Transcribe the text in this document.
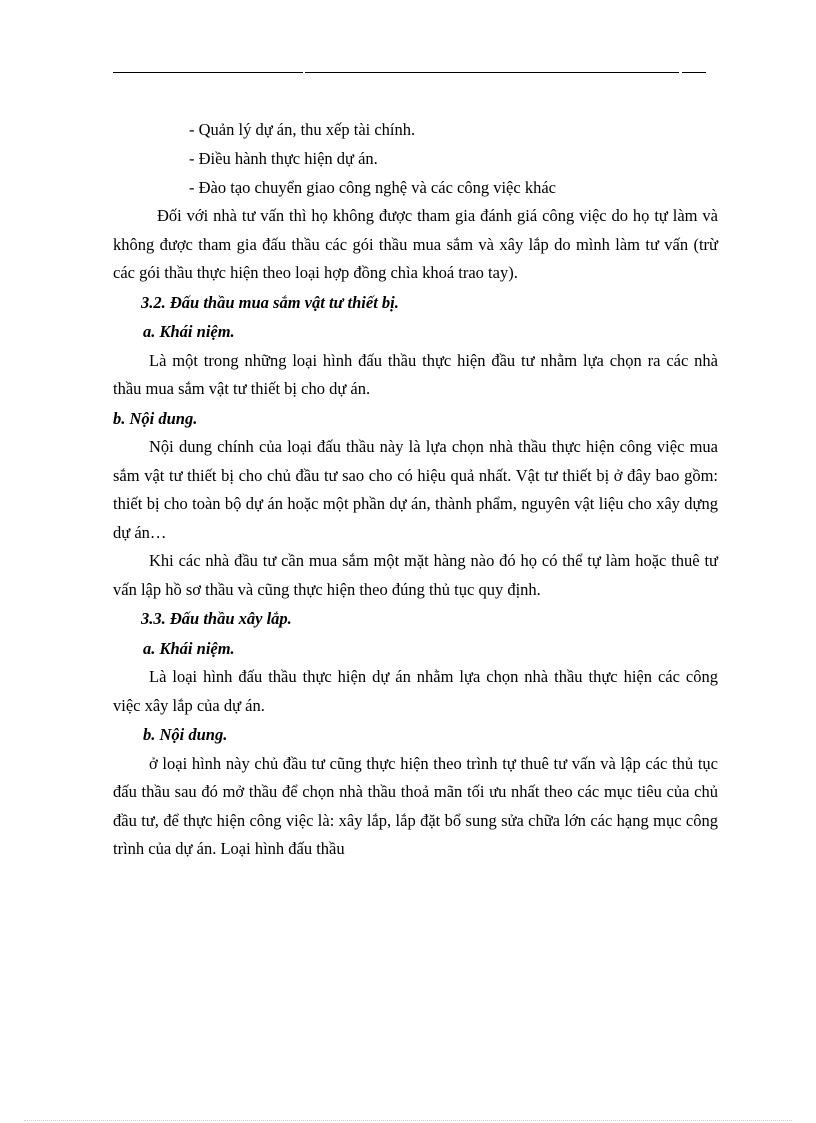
- Quản lý dự án, thu xếp tài chính.

- Điều hành thực hiện dự án.

- Đào tạo chuyển giao công nghệ và các công việc khác

Đối với nhà tư vấn thì họ không được tham gia đánh giá công việc do họ tự làm và không được tham gia đấu thầu các gói thầu mua sắm và xây lắp do mình làm tư vấn (trừ các gói thầu thực hiện theo loại hợp đồng chìa khoá trao tay).

3.2. Đấu thầu mua sắm vật tư thiết bị.

a. Khái niệm.

Là một trong những loại hình đấu thầu thực hiện đầu tư nhằm lựa chọn ra các nhà thầu mua sắm vật tư thiết bị cho dự án.

b. Nội dung.

Nội dung chính của loại đấu thầu này là lựa chọn nhà thầu thực hiện công việc mua sắm vật tư thiết bị cho chủ đầu tư sao cho có hiệu quả nhất. Vật tư thiết bị ở đây bao gồm: thiết bị cho toàn bộ dự án hoặc một phần dự án, thành phẩm, nguyên vật liệu cho xây dựng dự án…

Khi các nhà đầu tư cần mua sắm một mặt hàng nào đó họ có thể tự làm hoặc thuê tư vấn lập hồ sơ thầu và cũng thực hiện theo đúng thủ tục quy định.

3.3. Đấu thầu xây lắp.

a. Khái niệm.

Là loại hình đấu thầu thực hiện dự án nhằm lựa chọn nhà thầu thực hiện các công việc xây lắp của dự án.

b. Nội dung.

ở loại hình này chủ đầu tư cũng thực hiện theo trình tự thuê tư vấn và lập các thủ tục đấu thầu sau đó mở thầu để chọn nhà thầu thoả mãn tối ưu nhất theo các mục tiêu của chủ đầu tư, để thực hiện công việc là: xây lắp, lắp đặt bổ sung sửa chữa lớn các hạng mục công trình của dự án. Loại hình đấu thầu
